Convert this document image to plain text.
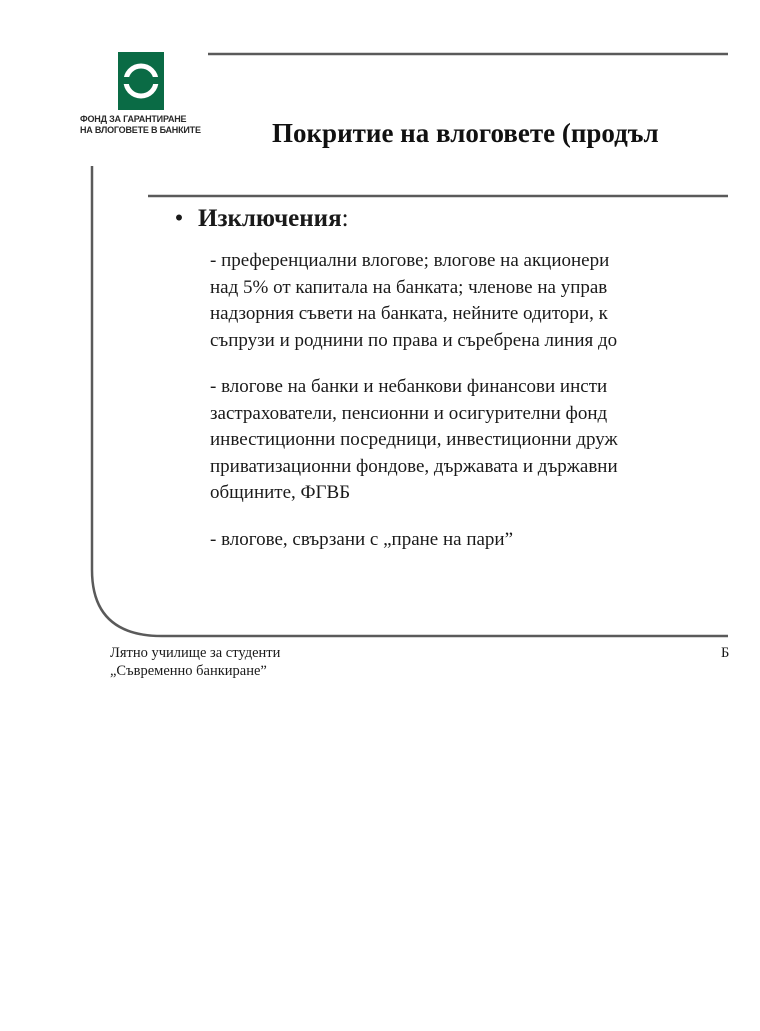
ФОНД ЗА ГАРАНТИРАНЕ
НА ВЛОГОВЕТЕ В БАНКИТЕ	Покритие на влоговете (продъл
• Изключения:
- преференциални влогове; влогове на акционери
над 5% от капитала на банката; членове на управ
надзорния съвети на банката, нейните одитори, к
съпрузи и роднини по права и съребрена линия до
- влогове на банки и небанкови финансови инсти
застрахователи, пенсионни и осигурителни фонд
инвестиционни посредници, инвестиционни друж
приватизационни фондове, държавата и държавни
общините, ФГВБ
- влогове, свързани с „пране на пари”
Лятно училище за студенти
„Съвременно банкиране”
Б
